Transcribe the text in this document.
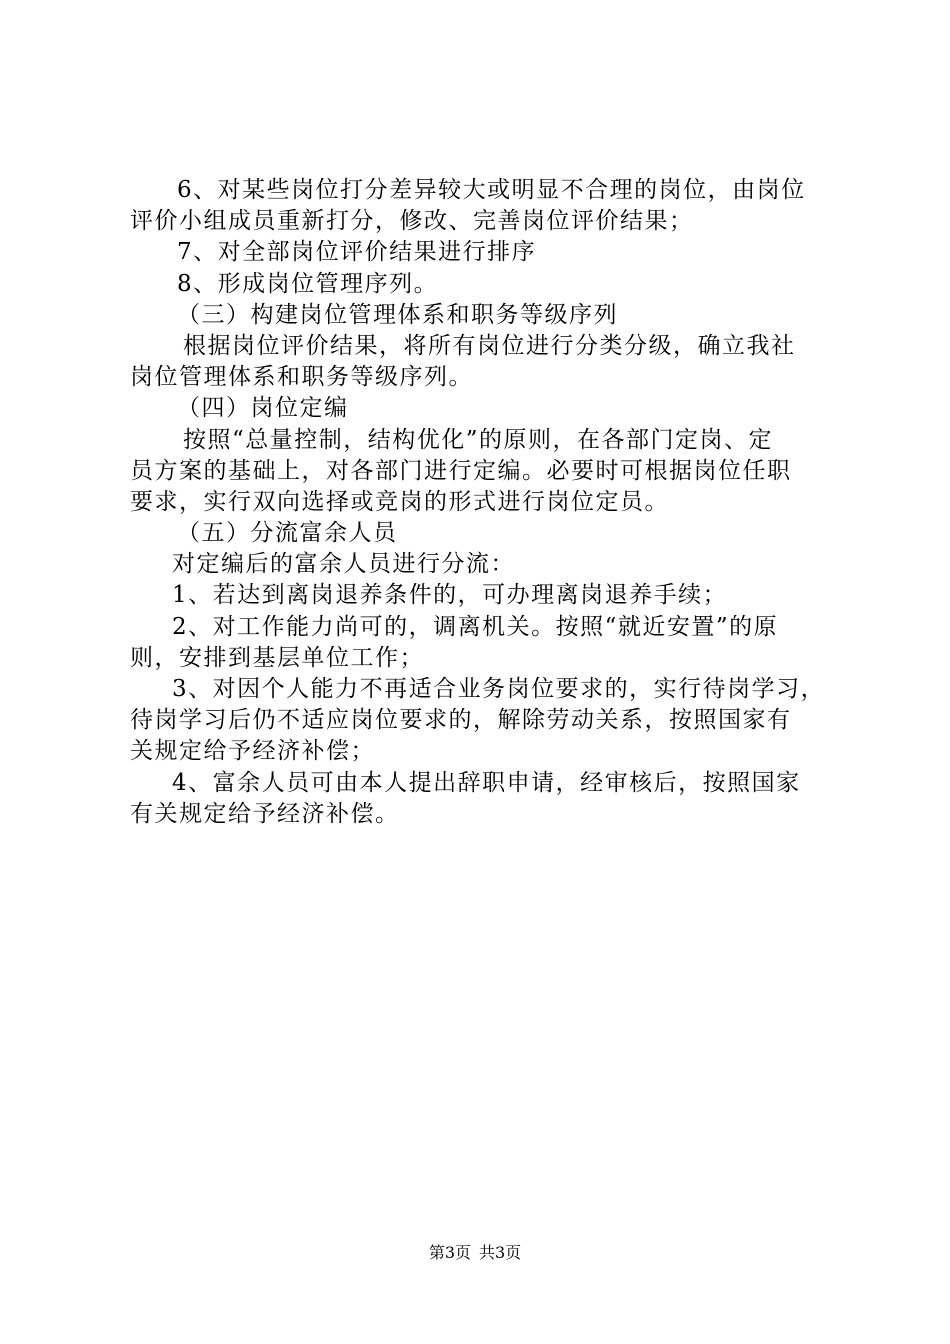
6、对某些岗位打分差异较大或明显不合理的岗位，由岗位

评价小组成员重新打分，修改、完善岗位评价结果；

7、对全部岗位评价结果进行排序

8、形成岗位管理序列。

（三）构建岗位管理体系和职务等级序列

根据岗位评价结果，将所有岗位进行分类分级，确立我社

岗位管理体系和职务等级序列。

（四）岗位定编

按照“总量控制，结构优化”的原则，在各部门定岗、定

员方案的基础上，对各部门进行定编。必要时可根据岗位任职

要求，实行双向选择或竞岗的形式进行岗位定员。

（五）分流富余人员

对定编后的富余人员进行分流：

1、若达到离岗退养条件的，可办理离岗退养手续；

2、对工作能力尚可的，调离机关。按照“就近安置”的原

则，安排到基层单位工作；

3、对因个人能力不再适合业务岗位要求的，实行待岗学习，

待岗学习后仍不适应岗位要求的，解除劳动关系，按照国家有

关规定给予经济补偿；

4、富余人员可由本人提出辞职申请，经审核后，按照国家

有关规定给予经济补偿。

第3页 共3页
